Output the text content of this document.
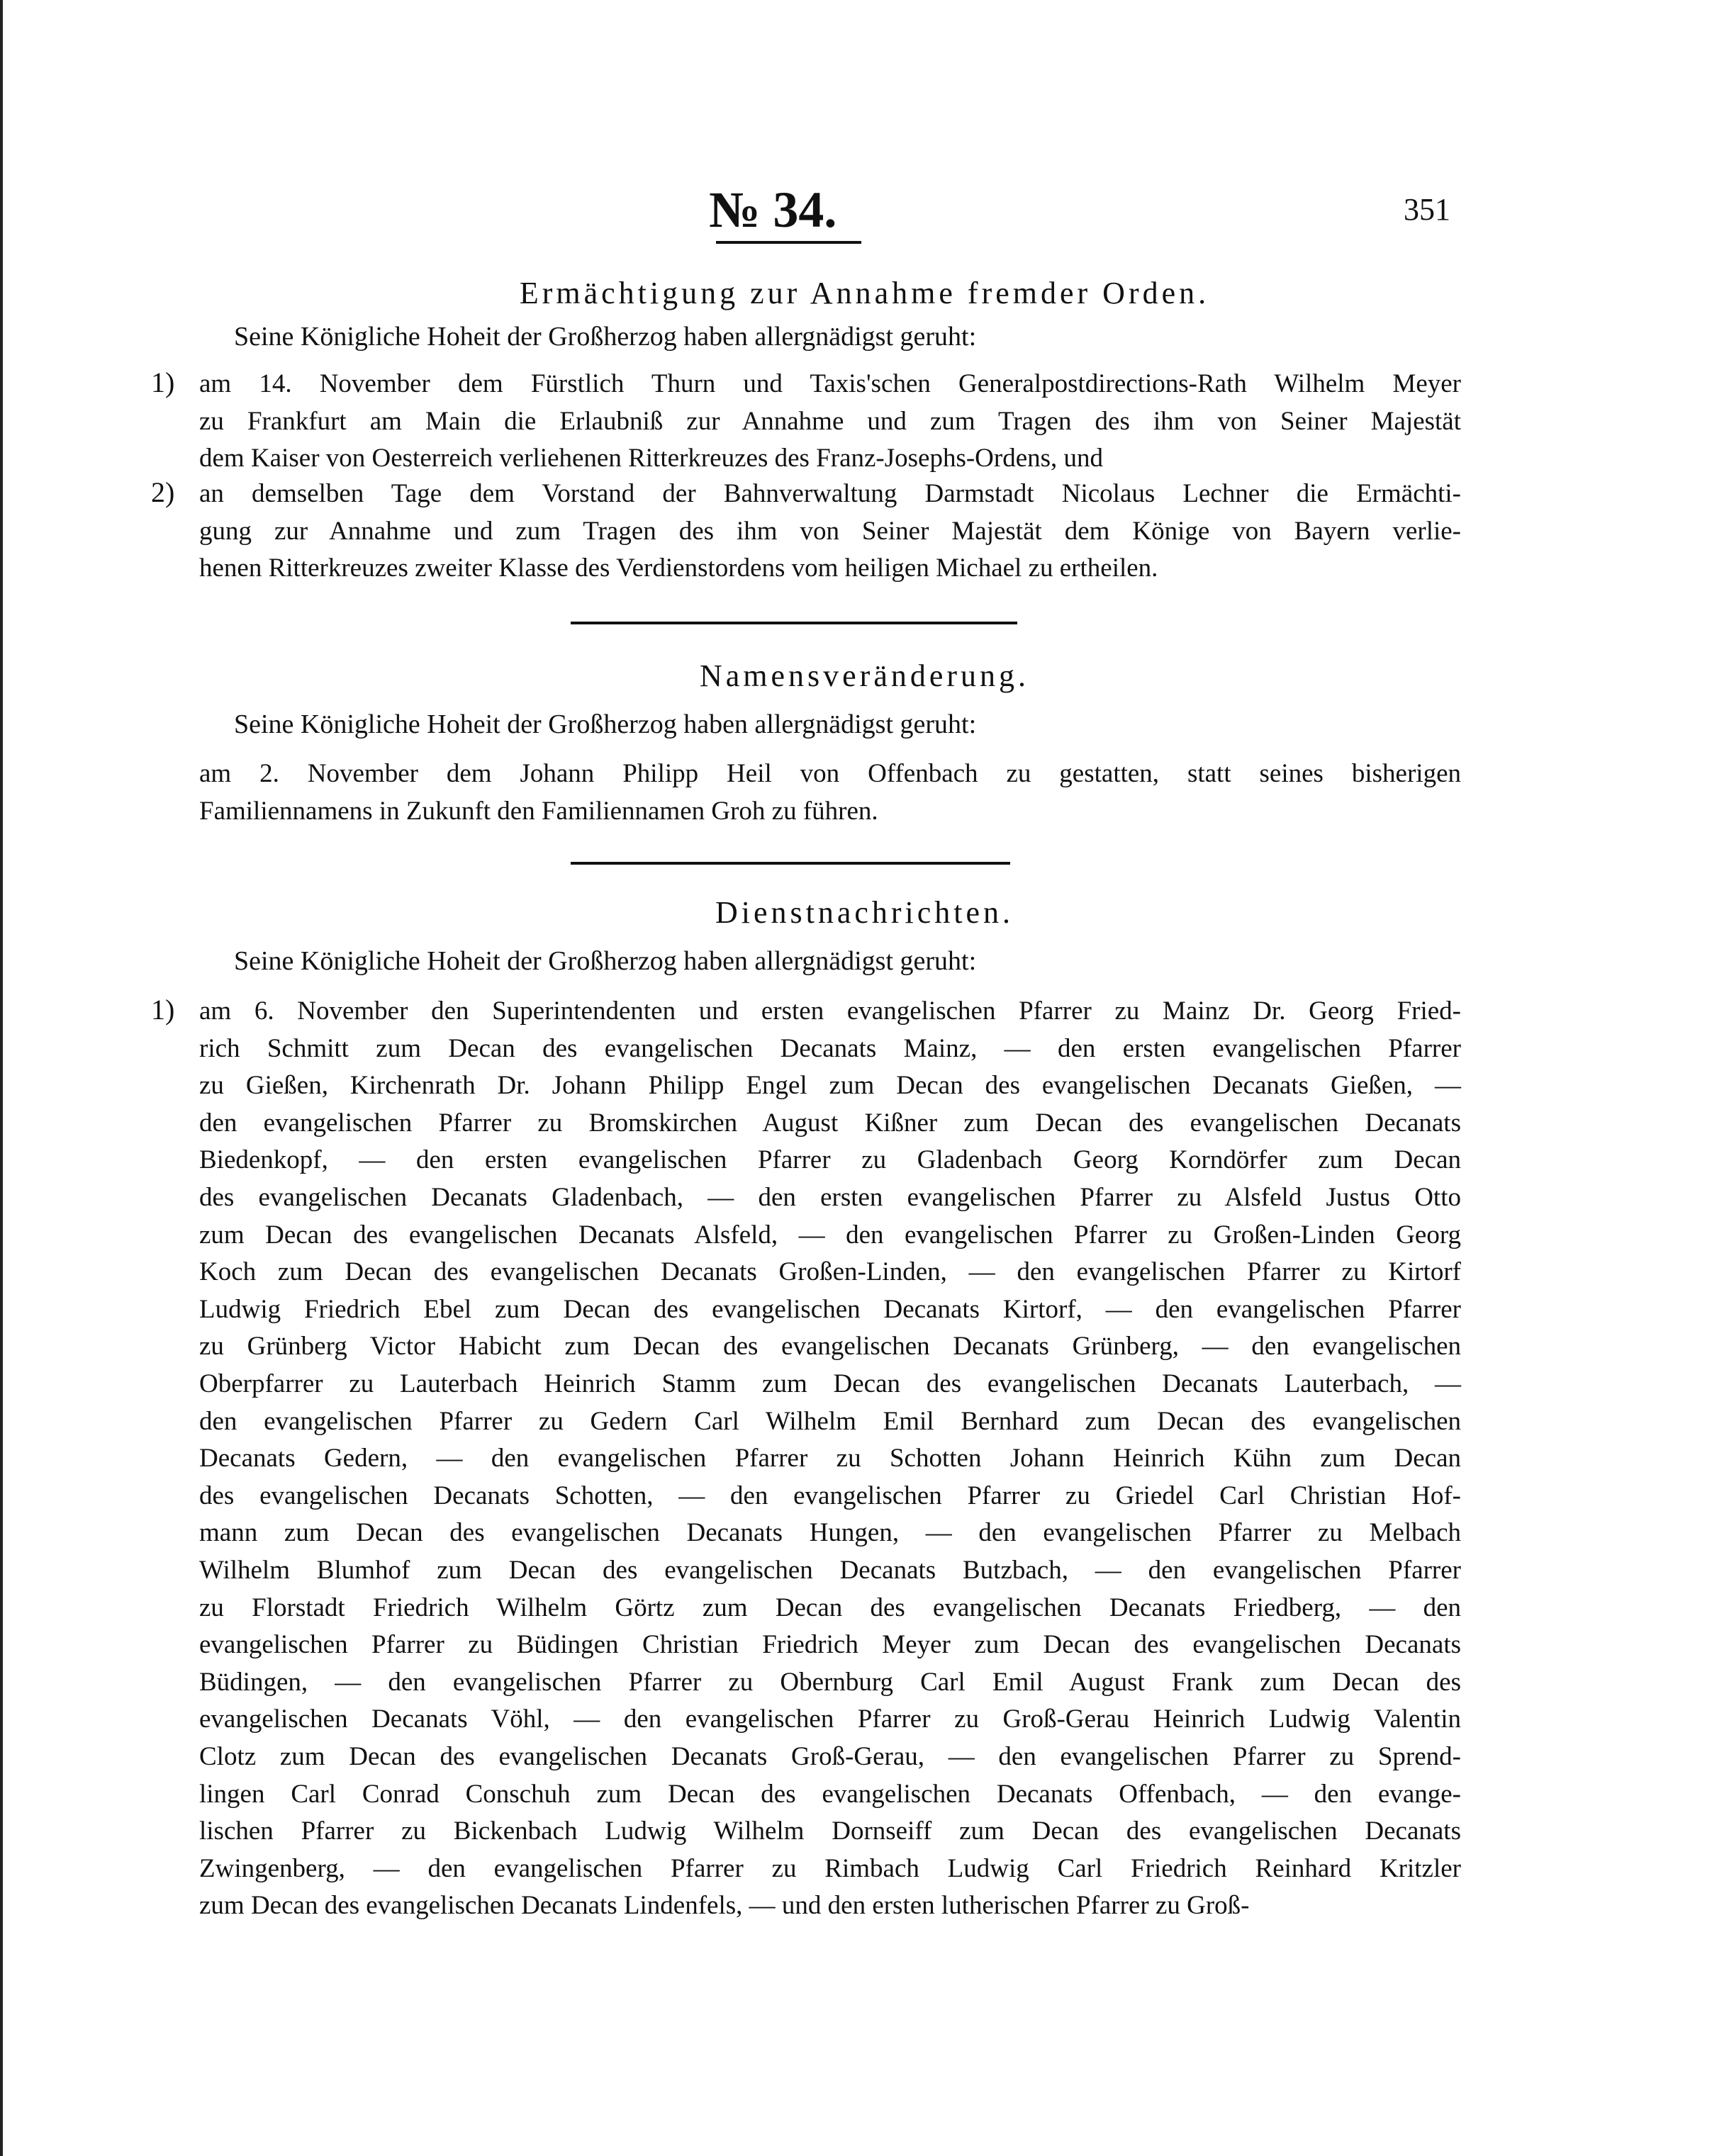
№ 34.	351
Ermächtigung zur Annahme fremder Orden.
Seine Königliche Hoheit der Großherzog haben allergnädigst geruht:
1) am 14. November dem Fürstlich Thurn und Taxis'schen Generalpostdirections-Rath Wilhelm Meyer
zu Frankfurt am Main die Erlaubniß zur Annahme und zum Tragen des ihm von Seiner Majestät
dem Kaiser von Oesterreich verliehenen Ritterkreuzes des Franz-Josephs-Ordens, und
2) an demselben Tage dem Vorstand der Bahnverwaltung Darmstadt Nicolaus Lechner die Ermächti-
gung zur Annahme und zum Tragen des ihm von Seiner Majestät dem Könige von Bayern verlie-
henen Ritterkreuzes zweiter Klasse des Verdienstordens vom heiligen Michael zu ertheilen.
Namensveränderung.
Seine Königliche Hoheit der Großherzog haben allergnädigst geruht:
am 2. November dem Johann Philipp Heil von Offenbach zu gestatten, statt seines bisherigen
Familiennamens in Zukunft den Familiennamen Groh zu führen.
Dienstnachrichten.
Seine Königliche Hoheit der Großherzog haben allergnädigst geruht:
1) am 6. November den Superintendenten und ersten evangelischen Pfarrer zu Mainz Dr. Georg Fried-
rich Schmitt zum Decan des evangelischen Decanats Mainz, — den ersten evangelischen Pfarrer
zu Gießen, Kirchenrath Dr. Johann Philipp Engel zum Decan des evangelischen Decanats Gießen, —
den evangelischen Pfarrer zu Bromskirchen August Kißner zum Decan des evangelischen Decanats
Biedenkopf, — den ersten evangelischen Pfarrer zu Gladenbach Georg Korndörfer zum Decan
des evangelischen Decanats Gladenbach, — den ersten evangelischen Pfarrer zu Alsfeld Justus Otto
zum Decan des evangelischen Decanats Alsfeld, — den evangelischen Pfarrer zu Großen-Linden Georg
Koch zum Decan des evangelischen Decanats Großen-Linden, — den evangelischen Pfarrer zu Kirtorf
Ludwig Friedrich Ebel zum Decan des evangelischen Decanats Kirtorf, — den evangelischen Pfarrer
zu Grünberg Victor Habicht zum Decan des evangelischen Decanats Grünberg, — den evangelischen
Oberpfarrer zu Lauterbach Heinrich Stamm zum Decan des evangelischen Decanats Lauterbach, —
den evangelischen Pfarrer zu Gedern Carl Wilhelm Emil Bernhard zum Decan des evangelischen
Decanats Gedern, — den evangelischen Pfarrer zu Schotten Johann Heinrich Kühn zum Decan
des evangelischen Decanats Schotten, — den evangelischen Pfarrer zu Griedel Carl Christian Hof-
mann zum Decan des evangelischen Decanats Hungen, — den evangelischen Pfarrer zu Melbach
Wilhelm Blumhof zum Decan des evangelischen Decanats Butzbach, — den evangelischen Pfarrer
zu Florstadt Friedrich Wilhelm Görtz zum Decan des evangelischen Decanats Friedberg, — den
evangelischen Pfarrer zu Büdingen Christian Friedrich Meyer zum Decan des evangelischen Decanats
Büdingen, — den evangelischen Pfarrer zu Obernburg Carl Emil August Frank zum Decan des
evangelischen Decanats Vöhl, — den evangelischen Pfarrer zu Groß-Gerau Heinrich Ludwig Valentin
Clotz zum Decan des evangelischen Decanats Groß-Gerau, — den evangelischen Pfarrer zu Sprend-
lingen Carl Conrad Conschuh zum Decan des evangelischen Decanats Offenbach, — den evange-
lischen Pfarrer zu Bickenbach Ludwig Wilhelm Dornseiff zum Decan des evangelischen Decanats
Zwingenberg, — den evangelischen Pfarrer zu Rimbach Ludwig Carl Friedrich Reinhard Kritzler
zum Decan des evangelischen Decanats Lindenfels, — und den ersten lutherischen Pfarrer zu Groß-
